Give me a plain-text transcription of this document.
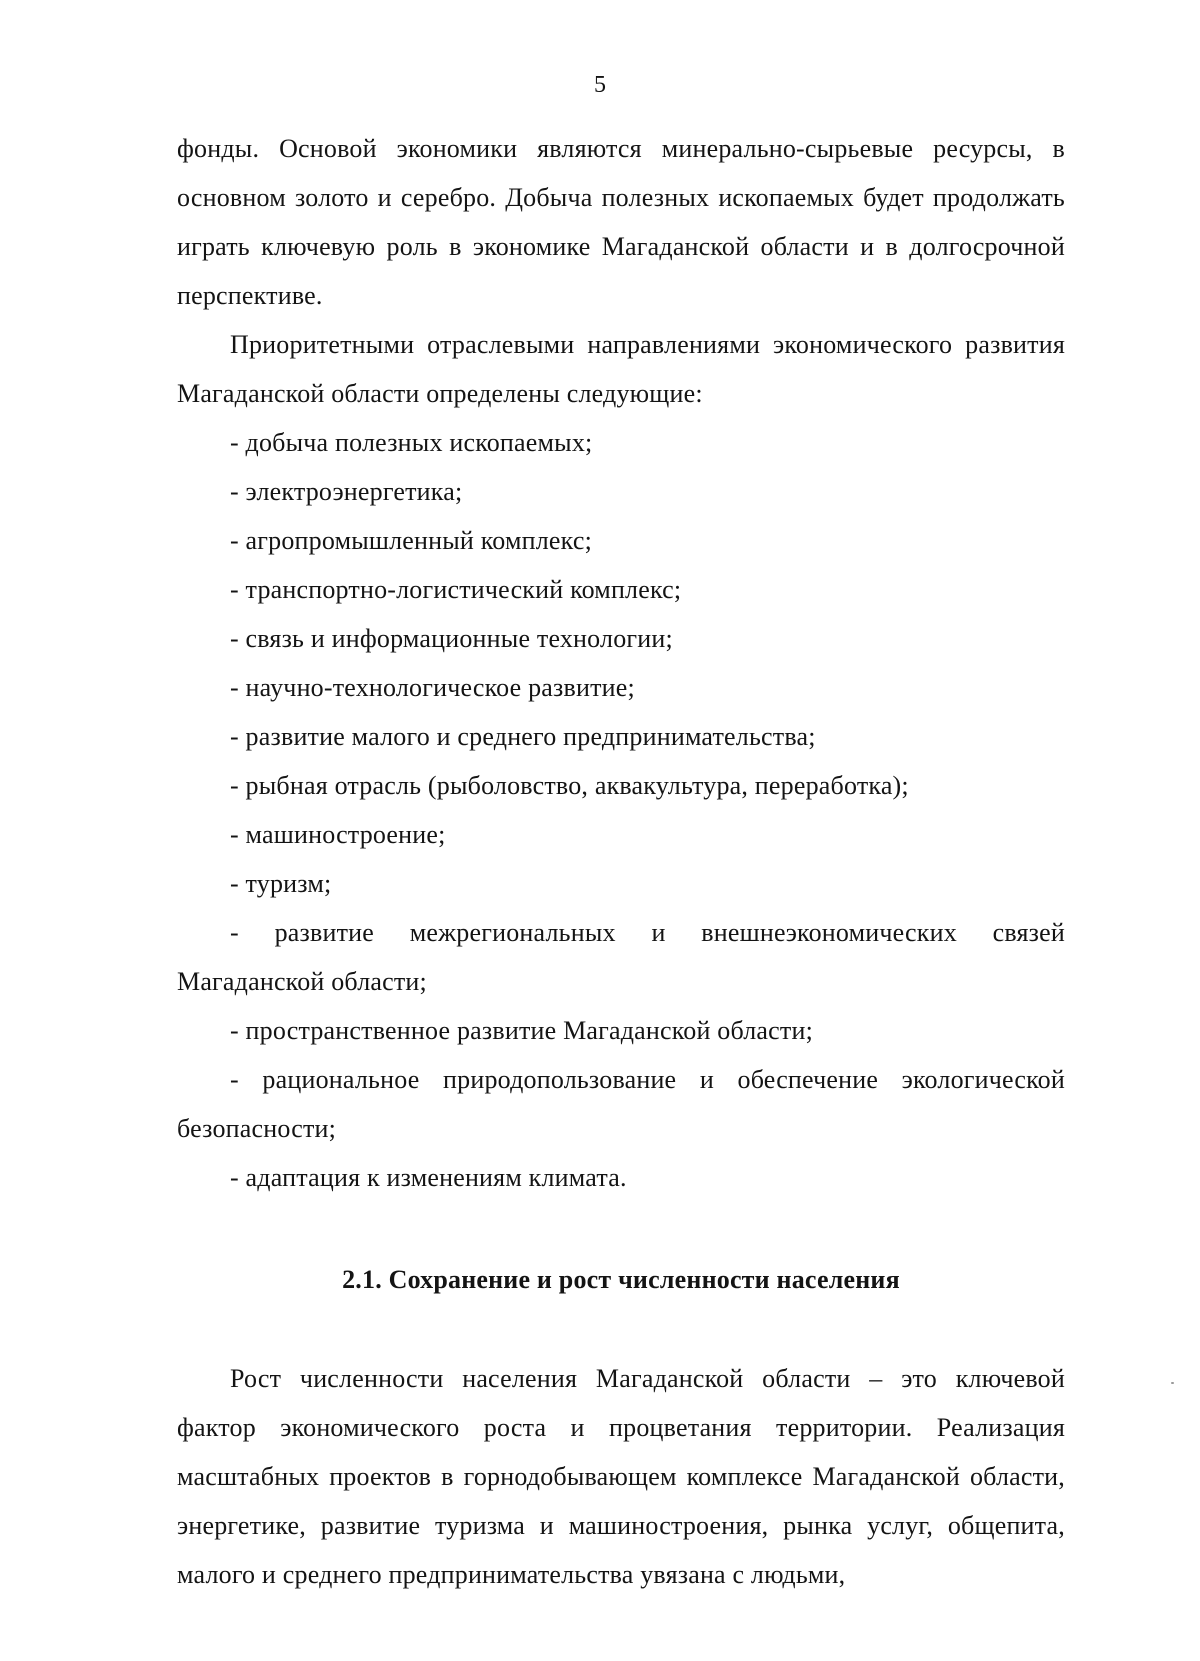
5

фонды. Основой экономики являются минерально-сырьевые ресурсы, в основном золото и серебро. Добыча полезных ископаемых будет продолжать играть ключевую роль в экономике Магаданской области и в долгосрочной перспективе.

Приоритетными отраслевыми направлениями экономического развития Магаданской области определены следующие:

- добыча полезных ископаемых;

- электроэнергетика;

- агропромышленный комплекс;

- транспортно-логистический комплекс;

- связь и информационные технологии;

- научно-технологическое развитие;

- развитие малого и среднего предпринимательства;

- рыбная отрасль (рыболовство, аквакультура, переработка);

- машиностроение;

- туризм;

- развитие межрегиональных и внешнеэкономических связей Магаданской области;

- пространственное развитие Магаданской области;

- рациональное природопользование и обеспечение экологической безопасности;

- адаптация к изменениям климата.

2.1. Сохранение и рост численности населения

Рост численности населения Магаданской области – это ключевой фактор экономического роста и процветания территории. Реализация масштабных проектов в горнодобывающем комплексе Магаданской области, энергетике, развитие туризма и машиностроения, рынка услуг, общепита, малого и среднего предпринимательства увязана с людьми,
